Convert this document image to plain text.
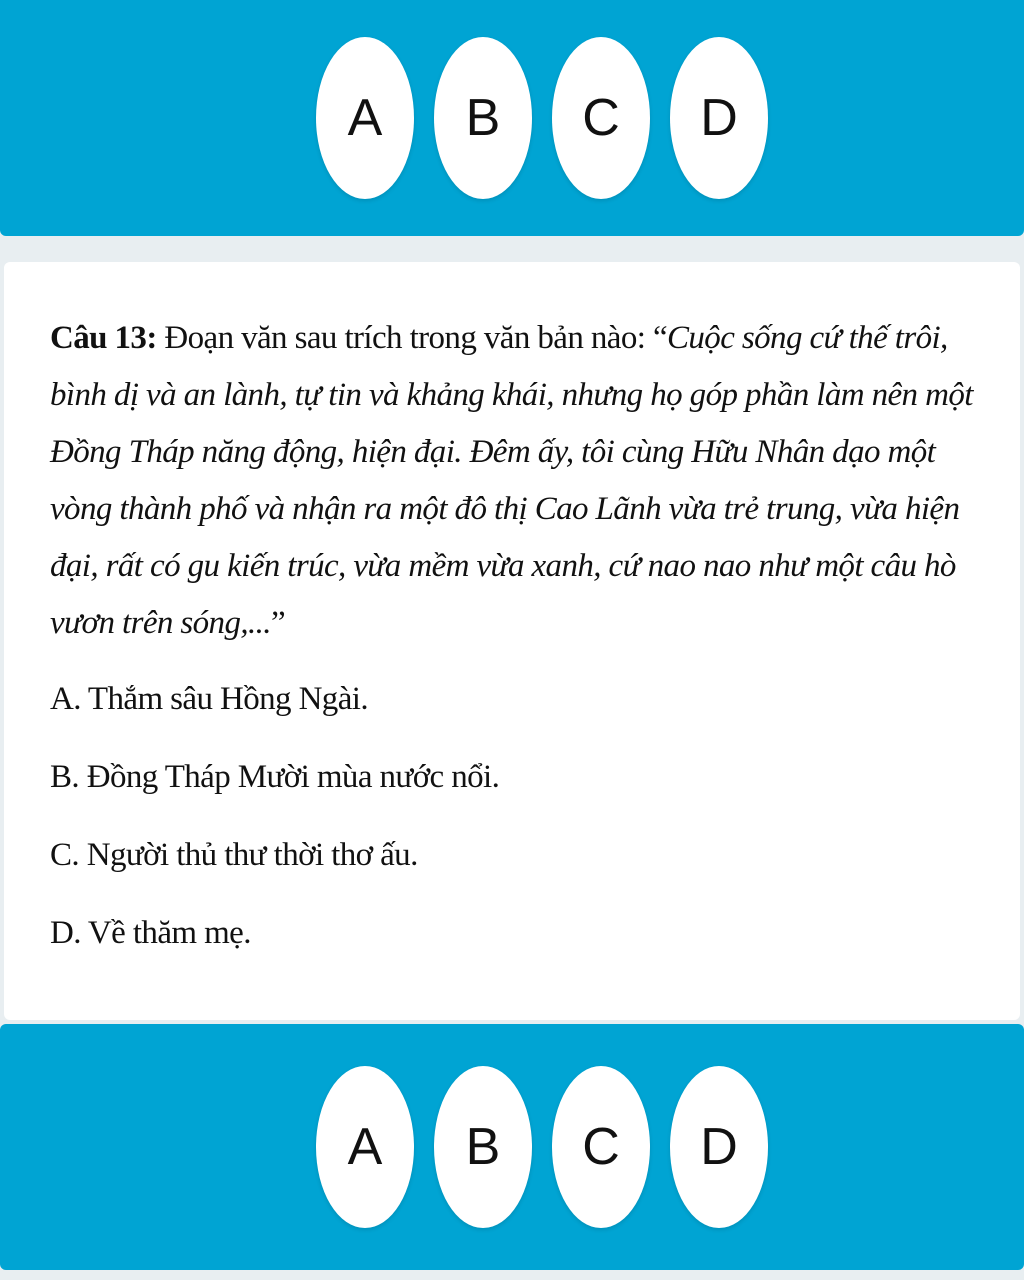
A	B	C	D

Câu 13: Đoạn văn sau trích trong văn bản nào: “Cuộc sống cứ thế trôi, bình dị và an lành, tự tin và khảng khái, nhưng họ góp phần làm nên một Đồng Tháp năng động, hiện đại. Đêm ấy, tôi cùng Hữu Nhân dạo một vòng thành phố và nhận ra một đô thị Cao Lãnh vừa trẻ trung, vừa hiện đại, rất có gu kiến trúc, vừa mềm vừa xanh, cứ nao nao như một câu hò vươn trên sóng,...”

A. Thắm sâu Hồng Ngài.
B. Đồng Tháp Mười mùa nước nổi.
C. Người thủ thư thời thơ ấu.
D. Về thăm mẹ.
A	B	C	D
